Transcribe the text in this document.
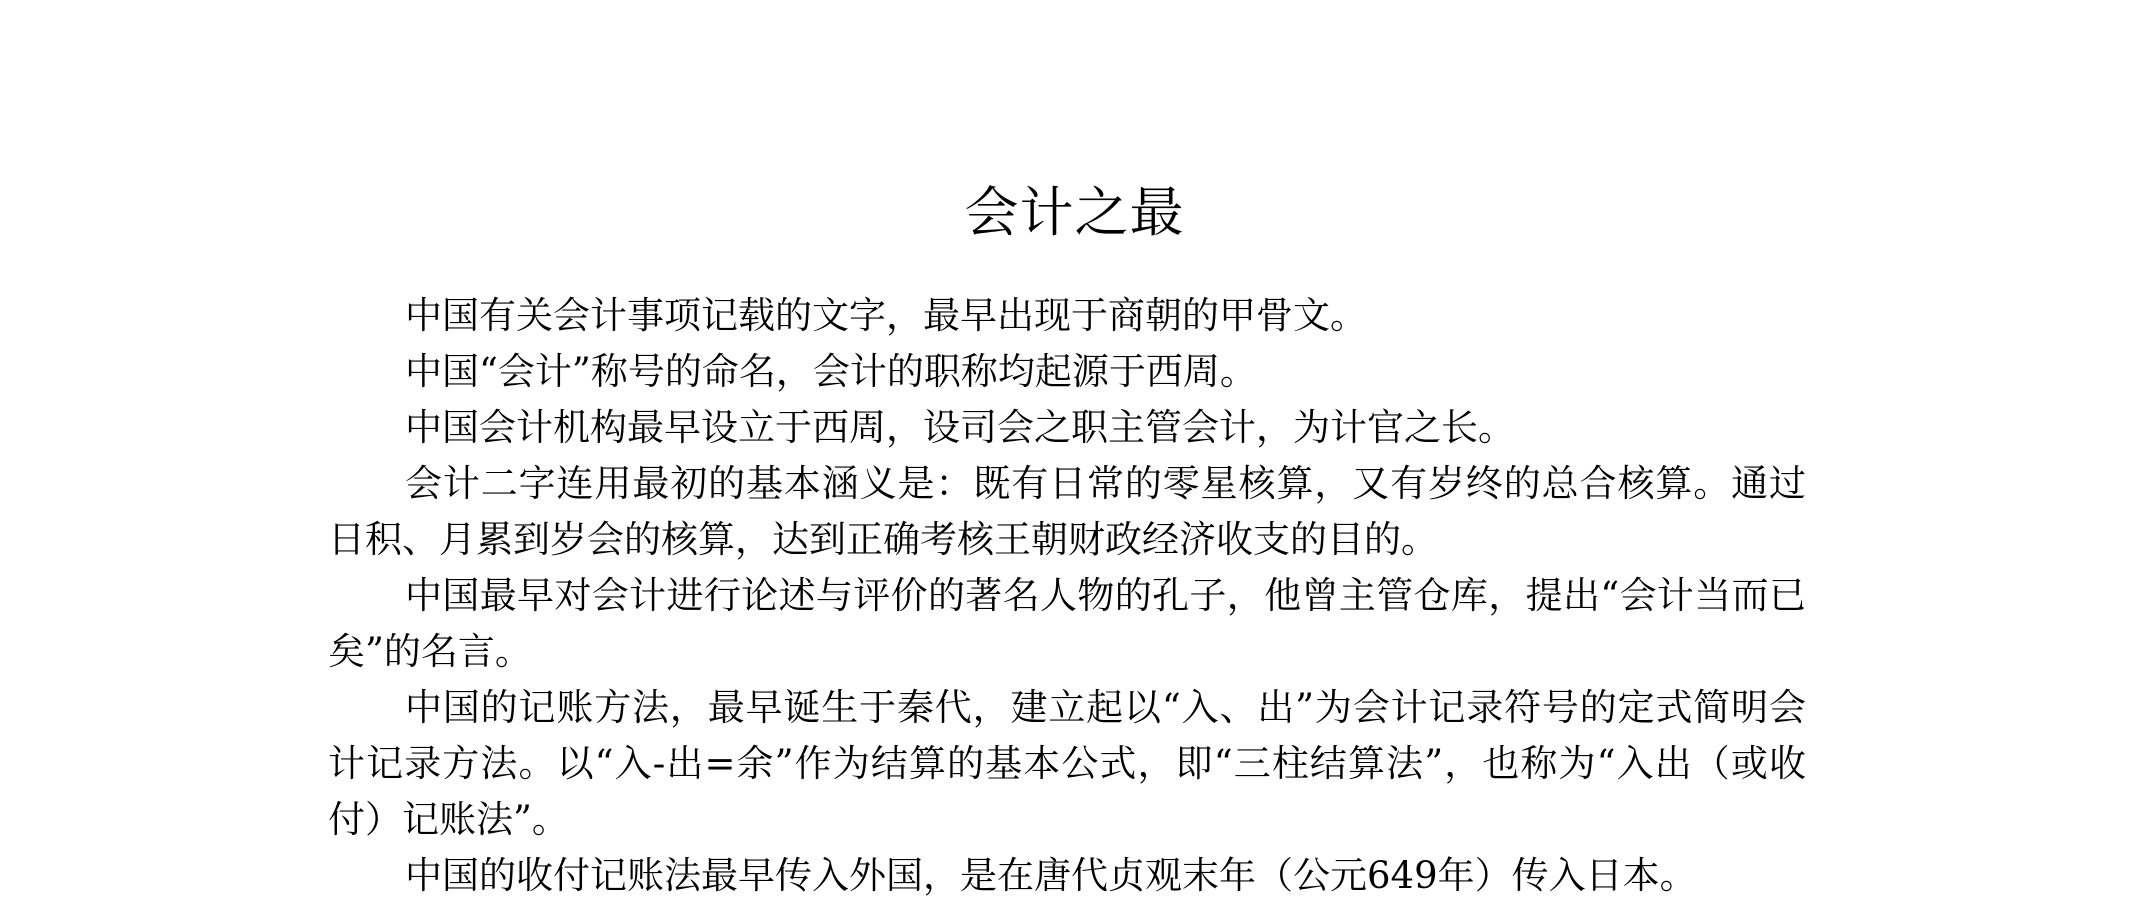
会计之最

中国有关会计事项记载的文字，最早出现于商朝的甲骨文。

中国“会计”称号的命名，会计的职称均起源于西周。

中国会计机构最早设立于西周，设司会之职主管会计，为计官之长。

会计二字连用最初的基本涵义是：既有日常的零星核算，又有岁终的总合核算。通过日积、月累到岁会的核算，达到正确考核王朝财政经济收支的目的。

中国最早对会计进行论述与评价的著名人物的孔子，他曾主管仓库，提出“会计当而已矣”的名言。

中国的记账方法，最早诞生于秦代，建立起以“入、出”为会计记录符号的定式简明会计记录方法。以“入-出=余”作为结算的基本公式，即“三柱结算法”，也称为“入出（或收付）记账法”。

中国的收付记账法最早传入外国，是在唐代贞观末年（公元649年）传入日本。
